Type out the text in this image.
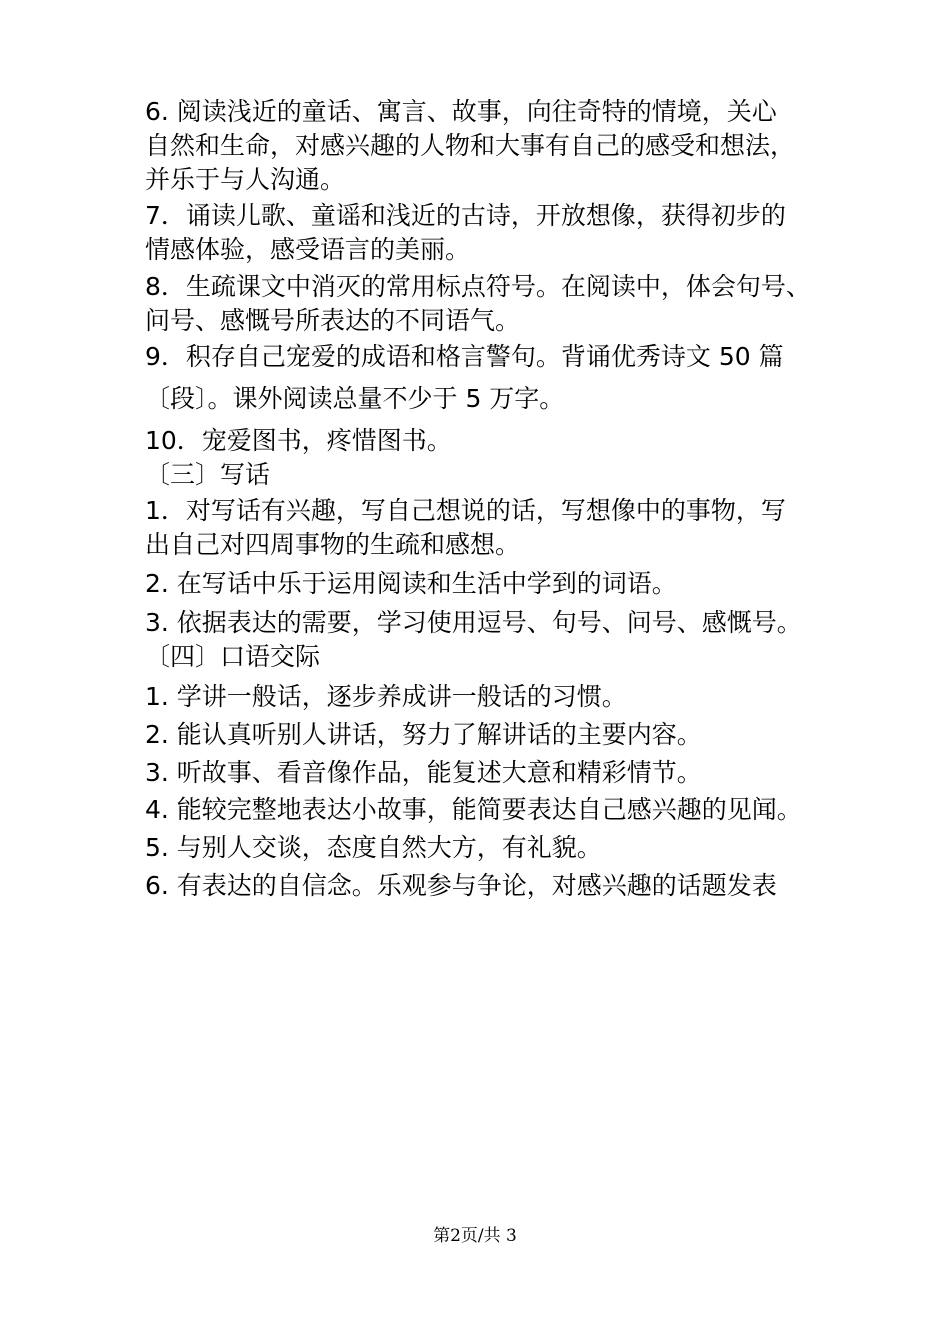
6. 阅读浅近的童话、寓言、故事，向往奇特的情境，关心
自然和生命，对感兴趣的人物和大事有自己的感受和想法，
并乐于与人沟通。
7．诵读儿歌、童谣和浅近的古诗，开放想像，获得初步的
情感体验，感受语言的美丽。
8．生疏课文中消灭的常用标点符号。在阅读中，体会句号、
问号、感慨号所表达的不同语气。
9．积存自己宠爱的成语和格言警句。背诵优秀诗文 50 篇
〔段〕。课外阅读总量不少于 5 万字。
10．宠爱图书，疼惜图书。
〔三〕写话
1．对写话有兴趣，写自己想说的话，写想像中的事物，写
出自己对四周事物的生疏和感想。
2. 在写话中乐于运用阅读和生活中学到的词语。
3. 依据表达的需要，学习使用逗号、句号、问号、感慨号。
〔四〕口语交际
1. 学讲一般话，逐步养成讲一般话的习惯。
2. 能认真听别人讲话，努力了解讲话的主要内容。
3. 听故事、看音像作品，能复述大意和精彩情节。
4. 能较完整地表达小故事，能简要表达自己感兴趣的见闻。
5. 与别人交谈，态度自然大方，有礼貌。
6. 有表达的自信念。乐观参与争论，对感兴趣的话题发表
第2页/共 3
